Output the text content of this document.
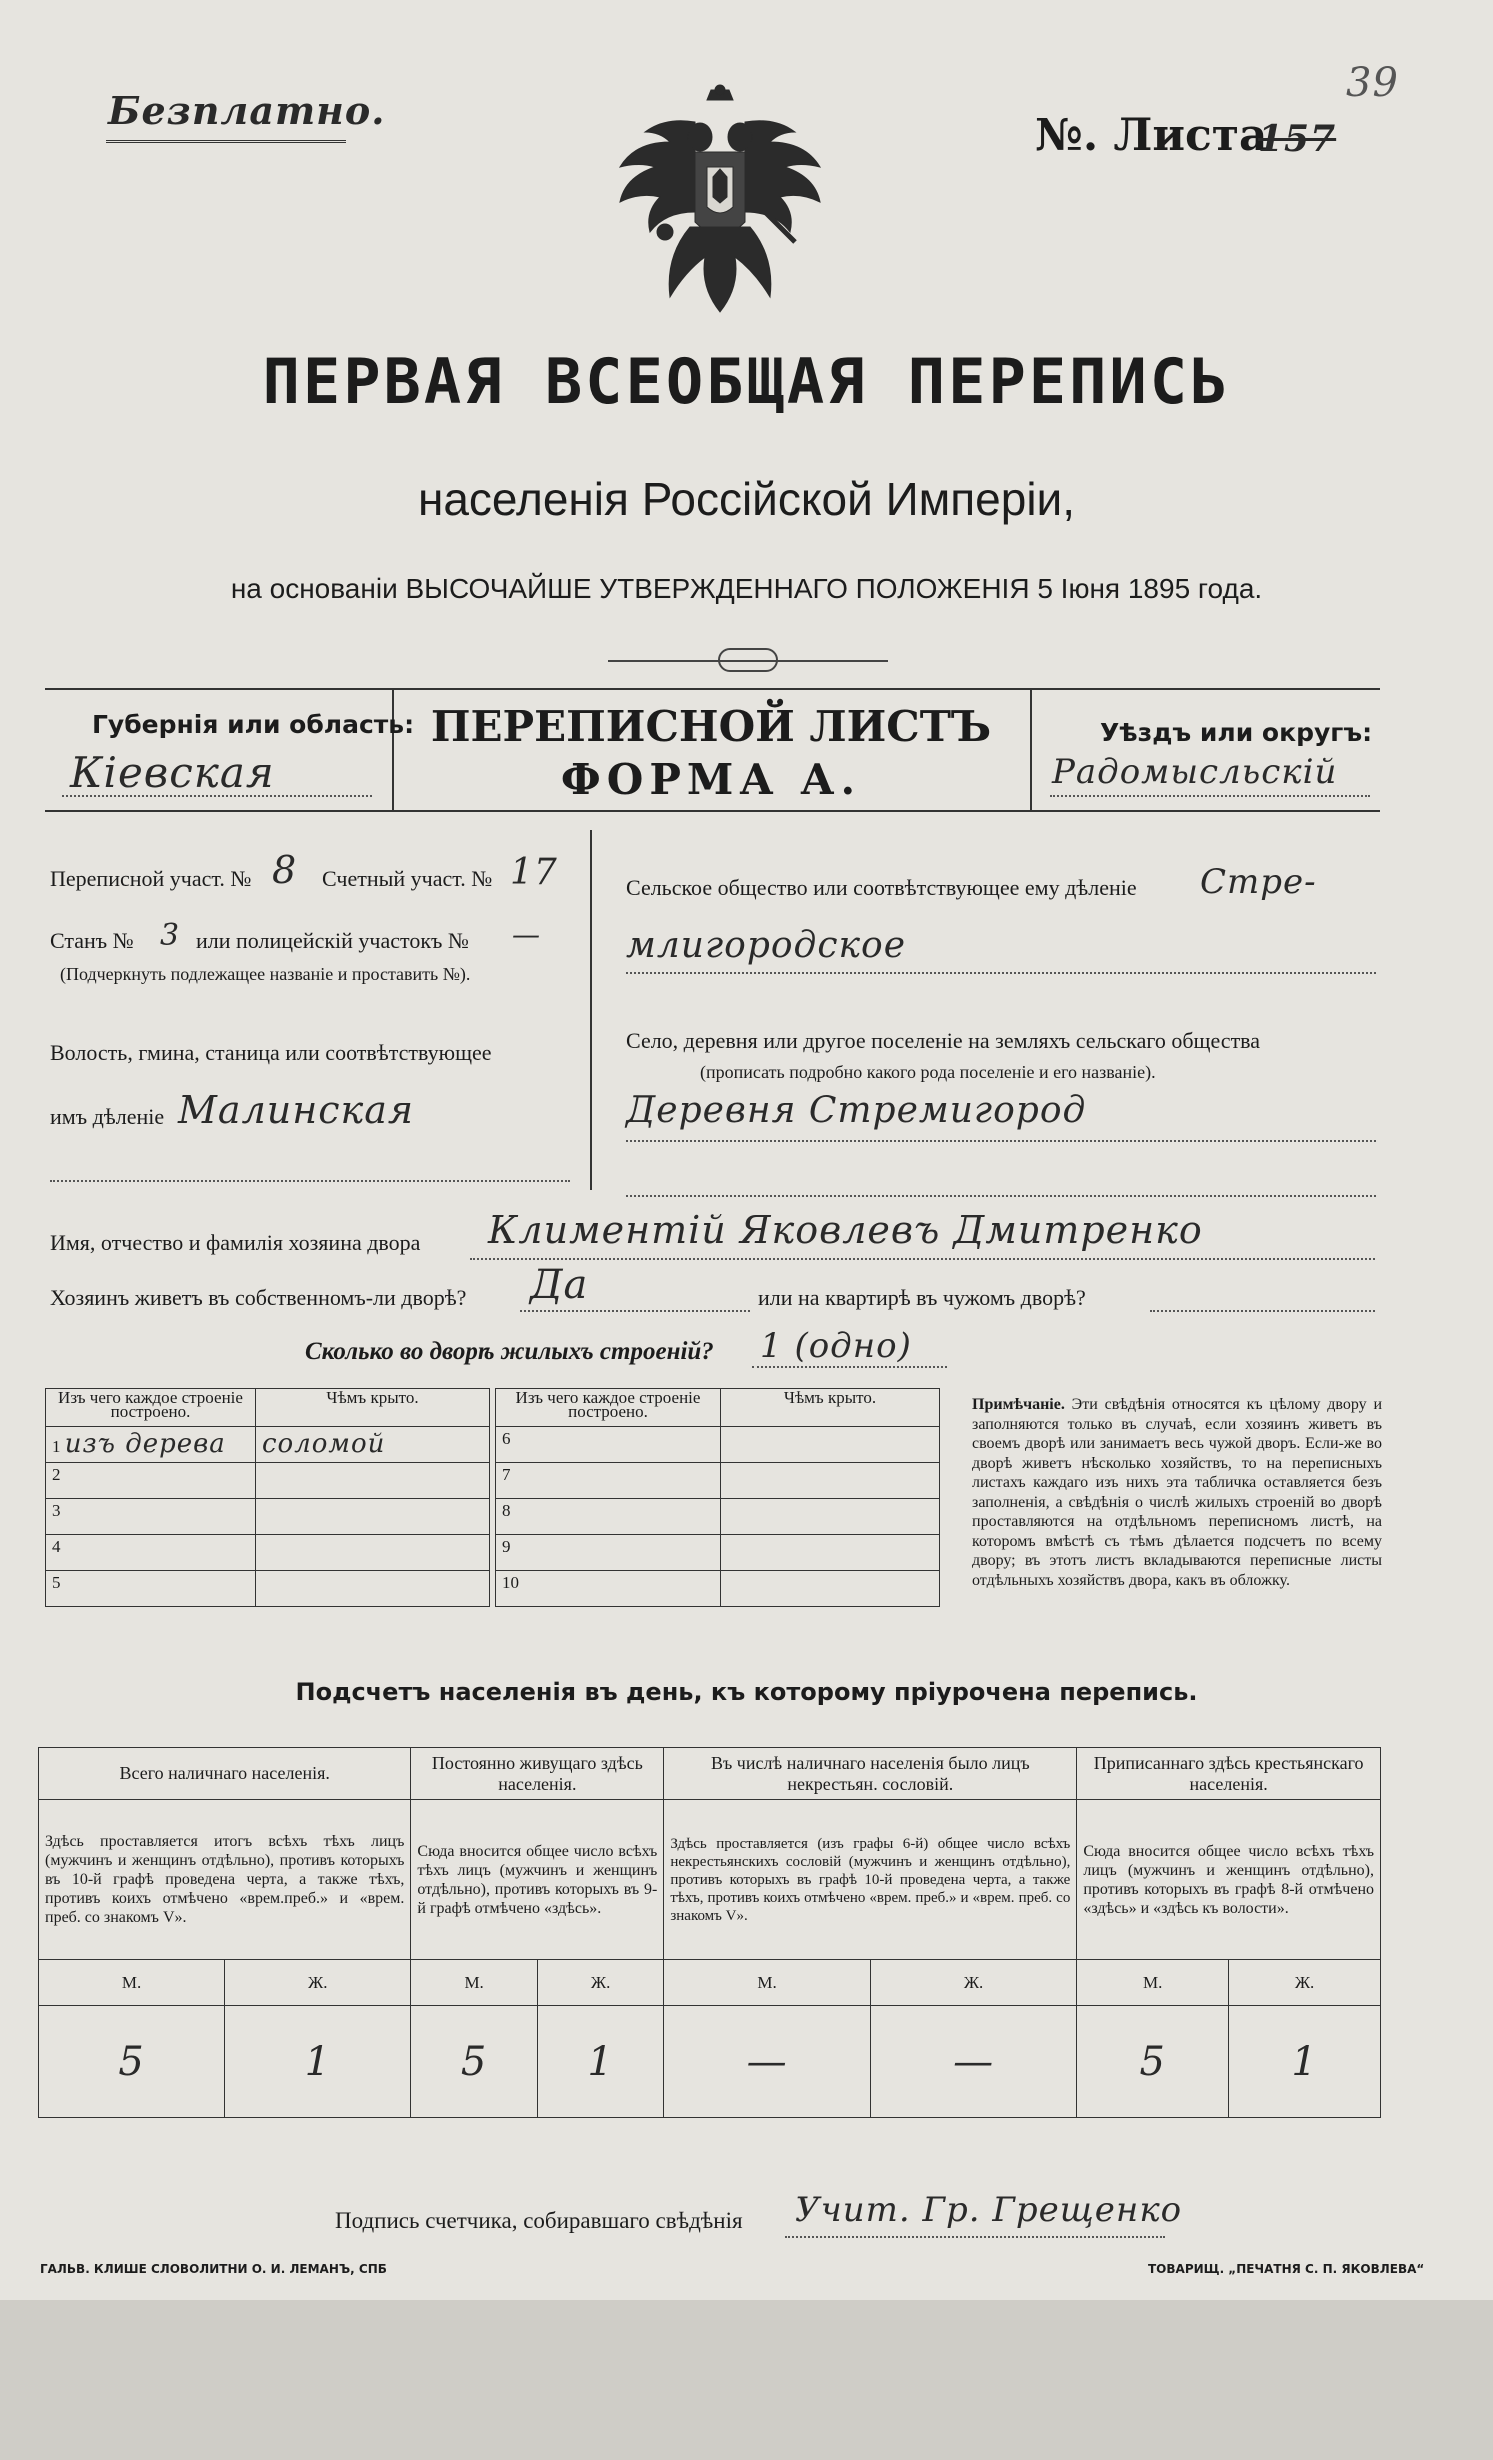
Безплатно.	№. Листа
157
39
ПЕРВАЯ ВСЕОБЩАЯ ПЕРЕПИСЬ
населенія Россійской Имперіи,
на основаніи ВЫСОЧАЙШЕ УТВЕРЖДЕННАГО ПОЛОЖЕНІЯ 5 Іюня 1895 года.
Губернія или область:
Кіевская
ПЕРЕПИСНОЙ ЛИСТЪ
ФОРМА А.
Уѣздъ или округъ:
Радомысльскій
Переписной участ. № 8 Счетный участ. № 17
Станъ № 3 или полицейскій участокъ № —
(Подчеркнуть подлежащее названіе и проставить №).
Волость, гмина, станица или соотвѣтствующее
имъ дѣленіе Малинская
Сельское общество или соотвѣтствующее ему дѣленіе Стре-
млигородское
Село, деревня или другое поселеніе на земляхъ сельскаго общества
(прописать подробно какого рода поселеніе и его названіе).
Деревня Стремигород
Имя, отчество и фамилія хозяина двора Климентій Яковлевъ Дмитренко
Хозяинъ живетъ въ собственномъ-ли дворѣ? Да	или на квартирѣ въ чужомъ дворѣ?
Сколько во дворѣ жилыхъ строеній? 1 (одно)
Изъ чего каждое строеніе построено.	Чѣмъ крыто.
1 изъ дерева	соломой
2	
3	
4	
5	
Изъ чего каждое строеніе построено.	Чѣмъ крыто.
6	
7	
8	
9	
10	
Примѣчаніе. Эти свѣдѣнія относятся къ цѣлому двору и заполняются только въ случаѣ, если хозяинъ живетъ въ своемъ дворѣ или занимаетъ весь чужой дворъ. Если-же во дворѣ живетъ нѣсколько хозяйствъ, то на переписныхъ листахъ каждаго изъ нихъ эта табличка оставляется безъ заполненія, а свѣдѣнія о числѣ жилыхъ строеній во дворѣ проставляются на отдѣльномъ переписномъ листѣ, на которомъ вмѣстѣ съ тѣмъ дѣлается подсчетъ по всему двору; въ этотъ листъ вкладываются переписные листы отдѣльныхъ хозяйствъ двора, какъ въ обложку.
Подсчетъ населенія въ день, къ которому пріурочена перепись.
Всего наличнаго населенія.		Постоянно живущаго здѣсь населенія.		Въ числѣ наличнаго населенія было лицъ некрестьян. сословій.		Приписаннаго здѣсь крестьянскаго населенія.	
Здѣсь проставляется итогъ всѣхъ тѣхъ лицъ (мужчинъ и женщинъ отдѣльно), противъ которыхъ въ 10-й графѣ проведена черта, а также тѣхъ, противъ коихъ отмѣчено «врем.преб.» и «врем. преб. со знакомъ V».		Сюда вносится общее число всѣхъ тѣхъ лицъ (мужчинъ и женщинъ отдѣльно), противъ которыхъ въ 9-й графѣ отмѣчено «здѣсь».		Здѣсь проставляется (изъ графы 6-й) общее число всѣхъ некрестьянскихъ сословій (мужчинъ и женщинъ отдѣльно), противъ которыхъ въ графѣ 10-й проведена черта, а также тѣхъ, противъ коихъ отмѣчено «врем. преб.» и «врем. преб. со знакомъ V».		Сюда вносится общее число всѣхъ тѣхъ лицъ (мужчинъ и женщинъ отдѣльно), противъ которыхъ въ графѣ 8-й отмѣчено «здѣсь» и «здѣсь къ волости».	
М.	Ж.	М.	Ж.	М.	Ж.	М.	Ж.
5	1	5	1	—	—	5	1
Подпись счетчика, собиравшаго свѣдѣнія Учит. Гр. Грещенко
ГАЛЬВ. КЛИШЕ СЛОВОЛИТНИ О. И. ЛЕМАНЪ, СПБ	ТОВАРИЩ. „ПЕЧАТНЯ С. П. ЯКОВЛЕВА“
